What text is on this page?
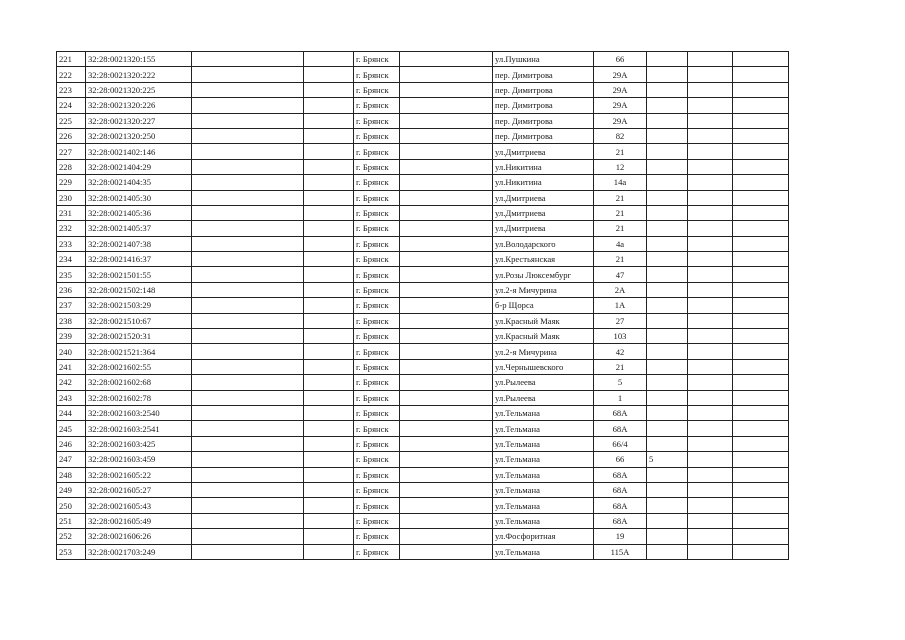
221	32:28:0021320:155			г. Брянск		ул.Пушкина	66			
222	32:28:0021320:222			г. Брянск		пер. Димитрова	29А			
223	32:28:0021320:225			г. Брянск		пер. Димитрова	29А			
224	32:28:0021320:226			г. Брянск		пер. Димитрова	29А			
225	32:28:0021320:227			г. Брянск		пер. Димитрова	29А			
226	32:28:0021320:250			г. Брянск		пер. Димитрова	82			
227	32:28:0021402:146			г. Брянск		ул.Дмитриева	21			
228	32:28:0021404:29			г. Брянск		ул.Никитина	12			
229	32:28:0021404:35			г. Брянск		ул.Никитина	14а			
230	32:28:0021405:30			г. Брянск		ул.Дмитриева	21			
231	32:28:0021405:36			г. Брянск		ул.Дмитриева	21			
232	32:28:0021405:37			г. Брянск		ул.Дмитриева	21			
233	32:28:0021407:38			г. Брянск		ул.Володарского	4а			
234	32:28:0021416:37			г. Брянск		ул.Крестьянская	21			
235	32:28:0021501:55			г. Брянск		ул.Розы Люксембург	47			
236	32:28:0021502:148			г. Брянск		ул.2-я Мичурина	2А			
237	32:28:0021503:29			г. Брянск		б-р Щорса	1А			
238	32:28:0021510:67			г. Брянск		ул.Красный Маяк	27			
239	32:28:0021520:31			г. Брянск		ул.Красный Маяк	103			
240	32:28:0021521:364			г. Брянск		ул.2-я Мичурина	42			
241	32:28:0021602:55			г. Брянск		ул.Чернышевского	21			
242	32:28:0021602:68			г. Брянск		ул.Рылеева	5			
243	32:28:0021602:78			г. Брянск		ул.Рылеева	1			
244	32:28:0021603:2540			г. Брянск		ул.Тельмана	68А			
245	32:28:0021603:2541			г. Брянск		ул.Тельмана	68А			
246	32:28:0021603:425			г. Брянск		ул.Тельмана	66/4			
247	32:28:0021603:459			г. Брянск		ул.Тельмана	66	5		
248	32:28:0021605:22			г. Брянск		ул.Тельмана	68А			
249	32:28:0021605:27			г. Брянск		ул.Тельмана	68А			
250	32:28:0021605:43			г. Брянск		ул.Тельмана	68А			
251	32:28:0021605:49			г. Брянск		ул.Тельмана	68А			
252	32:28:0021606:26			г. Брянск		ул.Фосфоритная	19			
253	32:28:0021703:249			г. Брянск		ул.Тельмана	115А			
